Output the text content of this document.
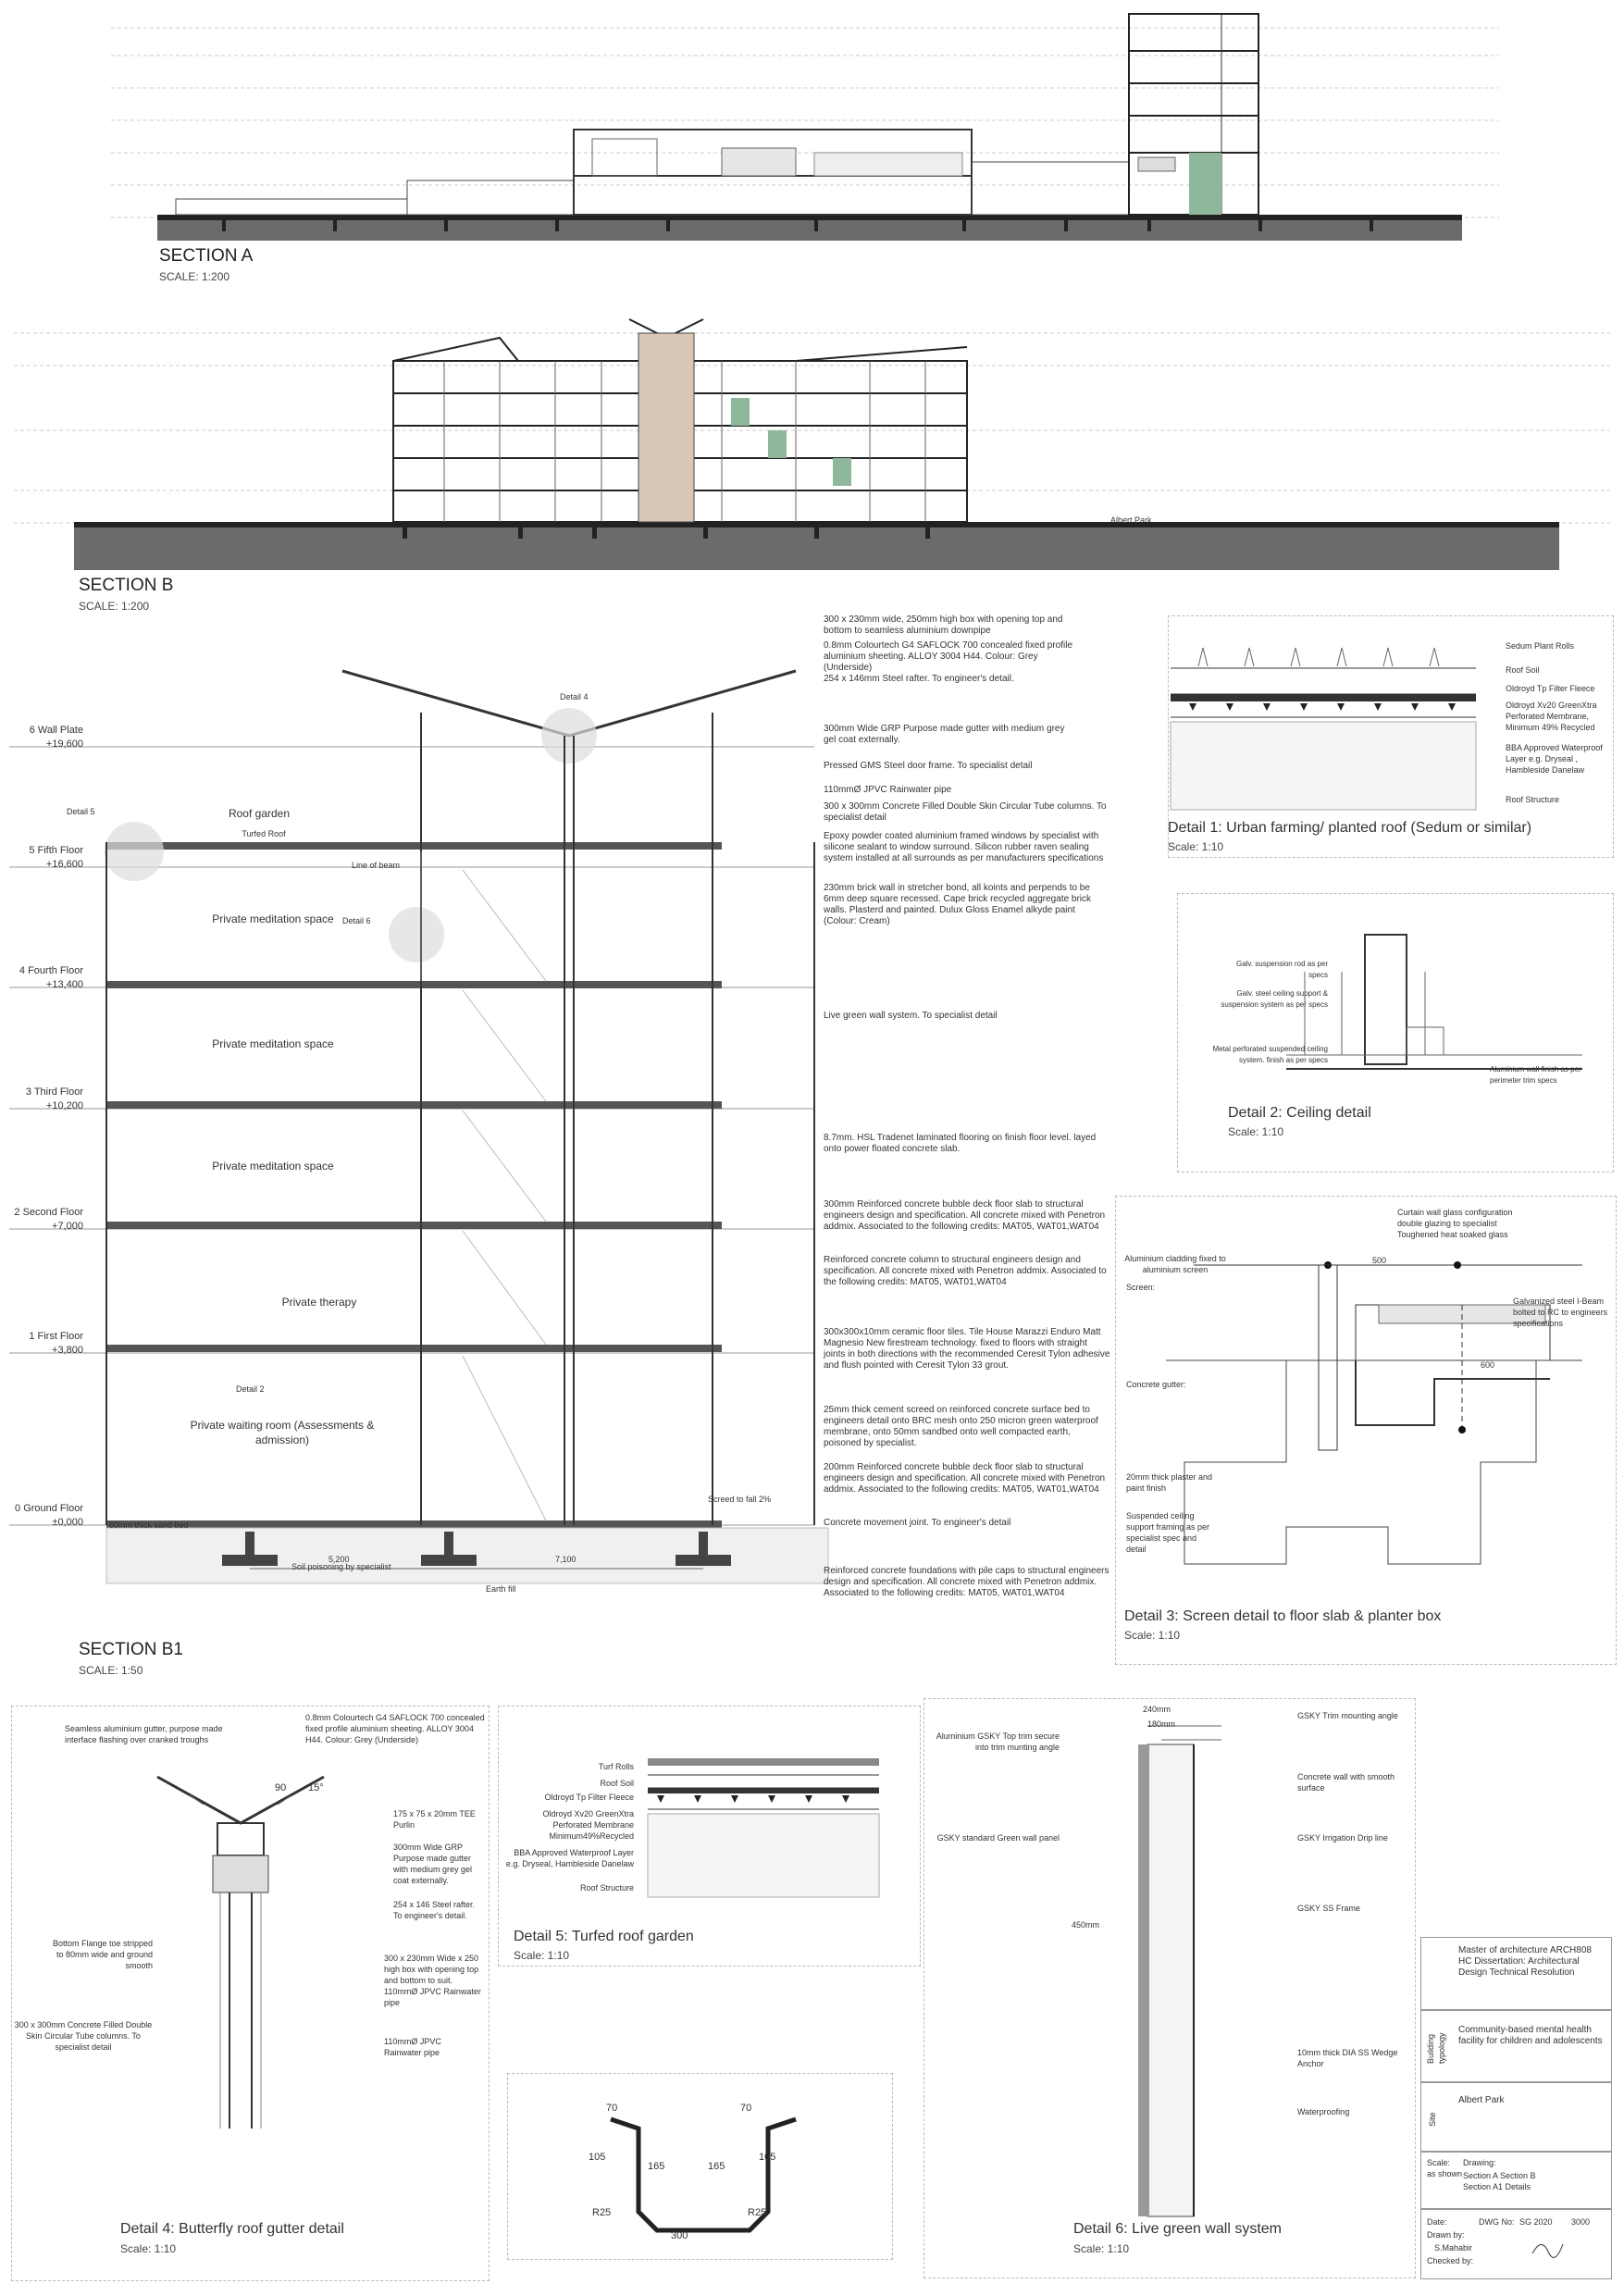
SECTION A
SCALE: 1:200
Albert Park
SECTION B
SCALE: 1:200
6 Wall Plate
+19,600
5 Fifth Floor
+16,600
4 Fourth Floor
+13,400
3 Third Floor
+10,200
2 Second Floor
+7,000
1 First Floor
+3,800
0 Ground Floor
±0,000
Roof garden
Turfed Roof
Private meditation space
Private meditation space
Private meditation space
Private therapy
Private waiting room (Assessments & admission)
Detail 4
Detail 5
Detail 6
Detail 2
Line of beam
Screed to fall 2%
60mm thick sand bed
Soil poisoning by specialist
Earth fill
5,200	7,100
300 x 230mm wide, 250mm high box with opening top and bottom to seamless aluminium downpipe
0.8mm Colourtech G4 SAFLOCK 700 concealed fixed profile aluminium sheeting. ALLOY 3004 H44. Colour: Grey (Underside)
254 x 146mm Steel rafter. To engineer's detail.
300mm Wide GRP Purpose made gutter with medium grey gel coat externally.
Pressed GMS Steel door frame. To specialist detail
110mmØ JPVC Rainwater pipe
300 x 300mm Concrete Filled Double Skin Circular Tube columns. To specialist detail
Epoxy powder coated aluminium framed windows by specialist with silicone sealant to window surround. Silicon rubber raven sealing system installed at all surrounds as per manufacturers specifications
230mm brick wall in stretcher bond, all koints and perpends to be 6mm deep square recessed. Cape brick recycled aggregate brick walls. Plasterd and painted. Dulux Gloss Enamel alkyde paint (Colour: Cream)
Live green wall system. To specialist detail
8.7mm. HSL Tradenet laminated flooring on finish floor level. layed onto power floated concrete slab.
300mm Reinforced concrete bubble deck floor slab to structural engineers design and specification. All concrete mixed with Penetron addmix. Associated to the following credits: MAT05, WAT01,WAT04
Reinforced concrete column to structural engineers design and specification. All concrete mixed with Penetron addmix. Associated to the following credits: MAT05, WAT01,WAT04
300x300x10mm ceramic floor tiles. Tile House Marazzi Enduro Matt Magnesio New firestream technology. fixed to floors with straight joints in both directions with the recommended Ceresit Tylon adhesive and flush pointed with Ceresit Tylon 33 grout.
25mm thick cement screed on reinforced concrete surface bed to engineers detail onto BRC mesh onto 250 micron green waterproof membrane, onto 50mm sandbed onto well compacted earth, poisoned by specialist.
200mm Reinforced concrete bubble deck floor slab to structural engineers design and specification. All concrete mixed with Penetron addmix. Associated to the following credits: MAT05, WAT01,WAT04
Concrete movement joint. To engineer's detail
Reinforced concrete foundations with pile caps to structural engineers design and specification. All concrete mixed with Penetron addmix. Associated to the following credits: MAT05, WAT01,WAT04
SECTION B1
SCALE: 1:50
Sedum Plant Rolls
Roof Soil
Oldroyd Tp Filter Fleece
Oldroyd Xv20 GreenXtra Perforated Membrane, Minimum 49% Recycled
BBA Approved Waterproof Layer e.g. Dryseal , Hambleside Danelaw
Roof Structure
Detail 1: Urban farming/ planted roof (Sedum or similar)
Scale: 1:10
Galv. suspension rod as per specs
Galv. steel ceiling support & suspension system as per specs
Metal perforated suspended ceiling system. finish as per specs
Aluminium wall finish as per perimeter trim specs
Detail 2: Ceiling detail
Scale: 1:10
Curtain wall glass configuration double glazing to specialist Toughened heat soaked glass
Aluminium cladding fixed to aluminium screen
Galvanized steel I-Beam bolted to RC to engineers specifications
Screen:
Concrete gutter:
20mm thick plaster and paint finish
Suspended ceiling support framing as per specialist spec and detail
500
600
Detail 3: Screen detail to floor slab & planter box
Scale: 1:10
Seamless aluminium gutter, purpose made interface flashing over cranked troughs
0.8mm Colourtech G4 SAFLOCK 700 concealed fixed profile aluminium sheeting. ALLOY 3004 H44. Colour: Grey (Underside)
175 x 75 x 20mm TEE Purlin
300mm Wide GRP Purpose made gutter with medium grey gel coat externally.
254 x 146 Steel rafter. To engineer's detail.
Bottom Flange toe stripped to 80mm wide and ground smooth
300 x 230mm Wide x 250 high box with opening top and bottom to suit. 110mmØ JPVC Rainwater pipe
300 x 300mm Concrete Filled Double Skin Circular Tube columns. To specialist detail
110mmØ JPVC Rainwater pipe
90 15°
Detail 4: Butterfly roof gutter detail
Scale: 1:10
Turf Rolls
Roof Soil
Oldroyd Tp Filter Fleece
Oldroyd Xv20 GreenXtra Perforated Membrane Minimum49%Recycled
BBA Approved Waterproof Layer e.g. Dryseal, Hambleside Danelaw
Roof Structure
Detail 5: Turfed roof garden
Scale: 1:10
70	70
105	105
165	165
R25	R25
300
240mm
180mm
450mm
Aluminium GSKY Top trim secure into trim munting angle
GSKY Trim mounting angle
Concrete wall with smooth surface
GSKY standard Green wall panel	GSKY Irrigation Drip line
GSKY SS Frame
10mm thick DIA SS Wedge Anchor
Waterproofing
Detail 6: Live green wall system
Scale: 1:10
Master of architecture ARCH808 HC Dissertation: Architectural Design Technical Resolution
Building typology
Community-based mental health facility for children and adolescents
Site
Albert Park
Scale:
as shown
Drawing:
Section A Section B Section A1 Details
Date:	DWG No: SG 2020	3000
Drawn by:
S.Mahabir
Checked by:
